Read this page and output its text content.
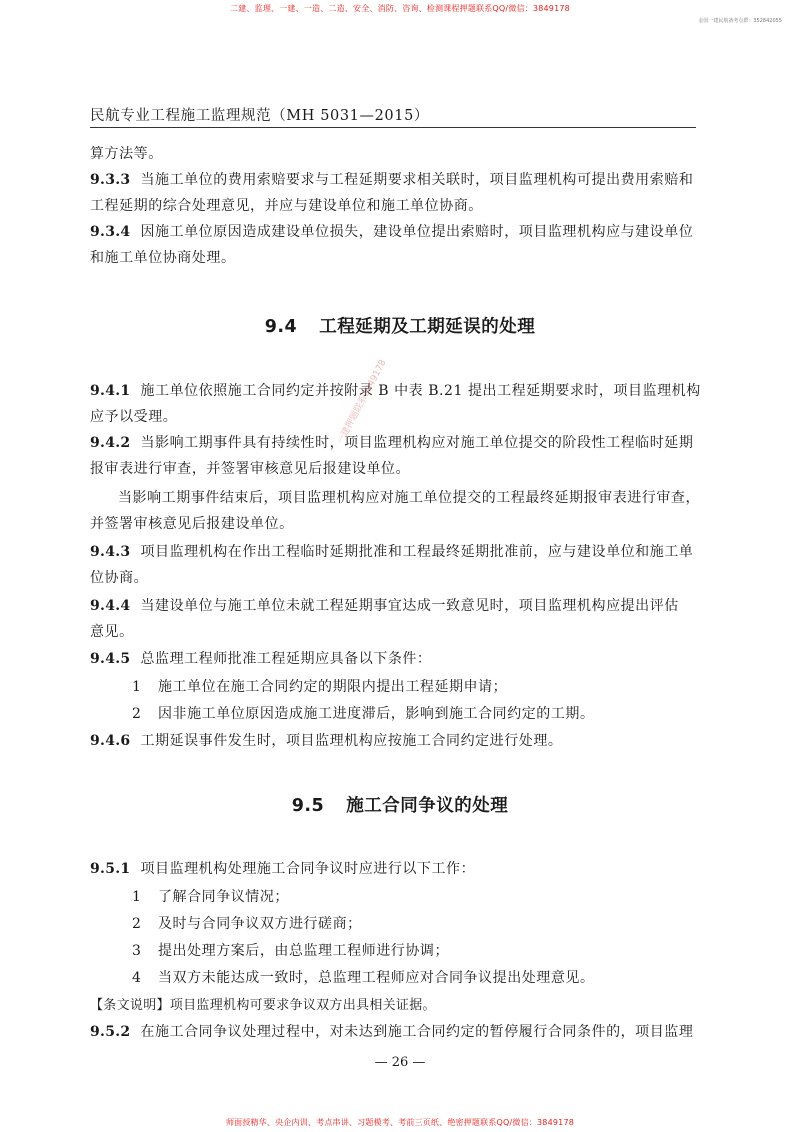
二建、监理、一建、一造、二造、安全、消防、咨询、检测课程押题联系QQ/微信：3849178
金国一建民航备考点群：352842055
民航专业工程施工监理规范（MH 5031—2015）
算方法等。
9.3.3 当施工单位的费用索赔要求与工程延期要求相关联时，项目监理机构可提出费用索赔和
工程延期的综合处理意见，并应与建设单位和施工单位协商。
9.3.4 因施工单位原因造成建设单位损失，建设单位提出索赔时，项目监理机构应与建设单位
和施工单位协商处理。
9.4 工程延期及工期延误的处理
9.4.1 施工单位依照施工合同约定并按附录 B 中表 B.21 提出工程延期要求时，项目监理机构
应予以受理。
9.4.2 当影响工期事件具有持续性时，项目监理机构应对施工单位提交的阶段性工程临时延期
报审表进行审查，并签署审核意见后报建设单位。
当影响工期事件结束后，项目监理机构应对施工单位提交的工程最终延期报审表进行审查，
并签署审核意见后报建设单位。
9.4.3 项目监理机构在作出工程临时延期批准和工程最终延期批准前，应与建设单位和施工单
位协商。
9.4.4 当建设单位与施工单位未就工程延期事宜达成一致意见时，项目监理机构应提出评估
意见。
9.4.5 总监理工程师批准工程延期应具备以下条件：
1 施工单位在施工合同约定的期限内提出工程延期申请；
2 因非施工单位原因造成施工进度滞后，影响到施工合同约定的工期。
9.4.6 工期延误事件发生时，项目监理机构应按施工合同约定进行处理。
9.5 施工合同争议的处理
9.5.1 项目监理机构处理施工合同争议时应进行以下工作：
1 了解合同争议情况；
2 及时与合同争议双方进行磋商；
3 提出处理方案后，由总监理工程师进行协调；
4 当双方未能达成一致时，总监理工程师应对合同争议提出处理意见。
【条文说明】项目监理机构可要求争议双方出具相关证据。
9.5.2 在施工合同争议处理过程中，对未达到施工合同约定的暂停履行合同条件的，项目监理
— 26 —
一建押题联系3849178
师面授精华、央企内训、考点串讲、习题模考、考前三页纸、绝密押题联系QQ/微信：3849178
